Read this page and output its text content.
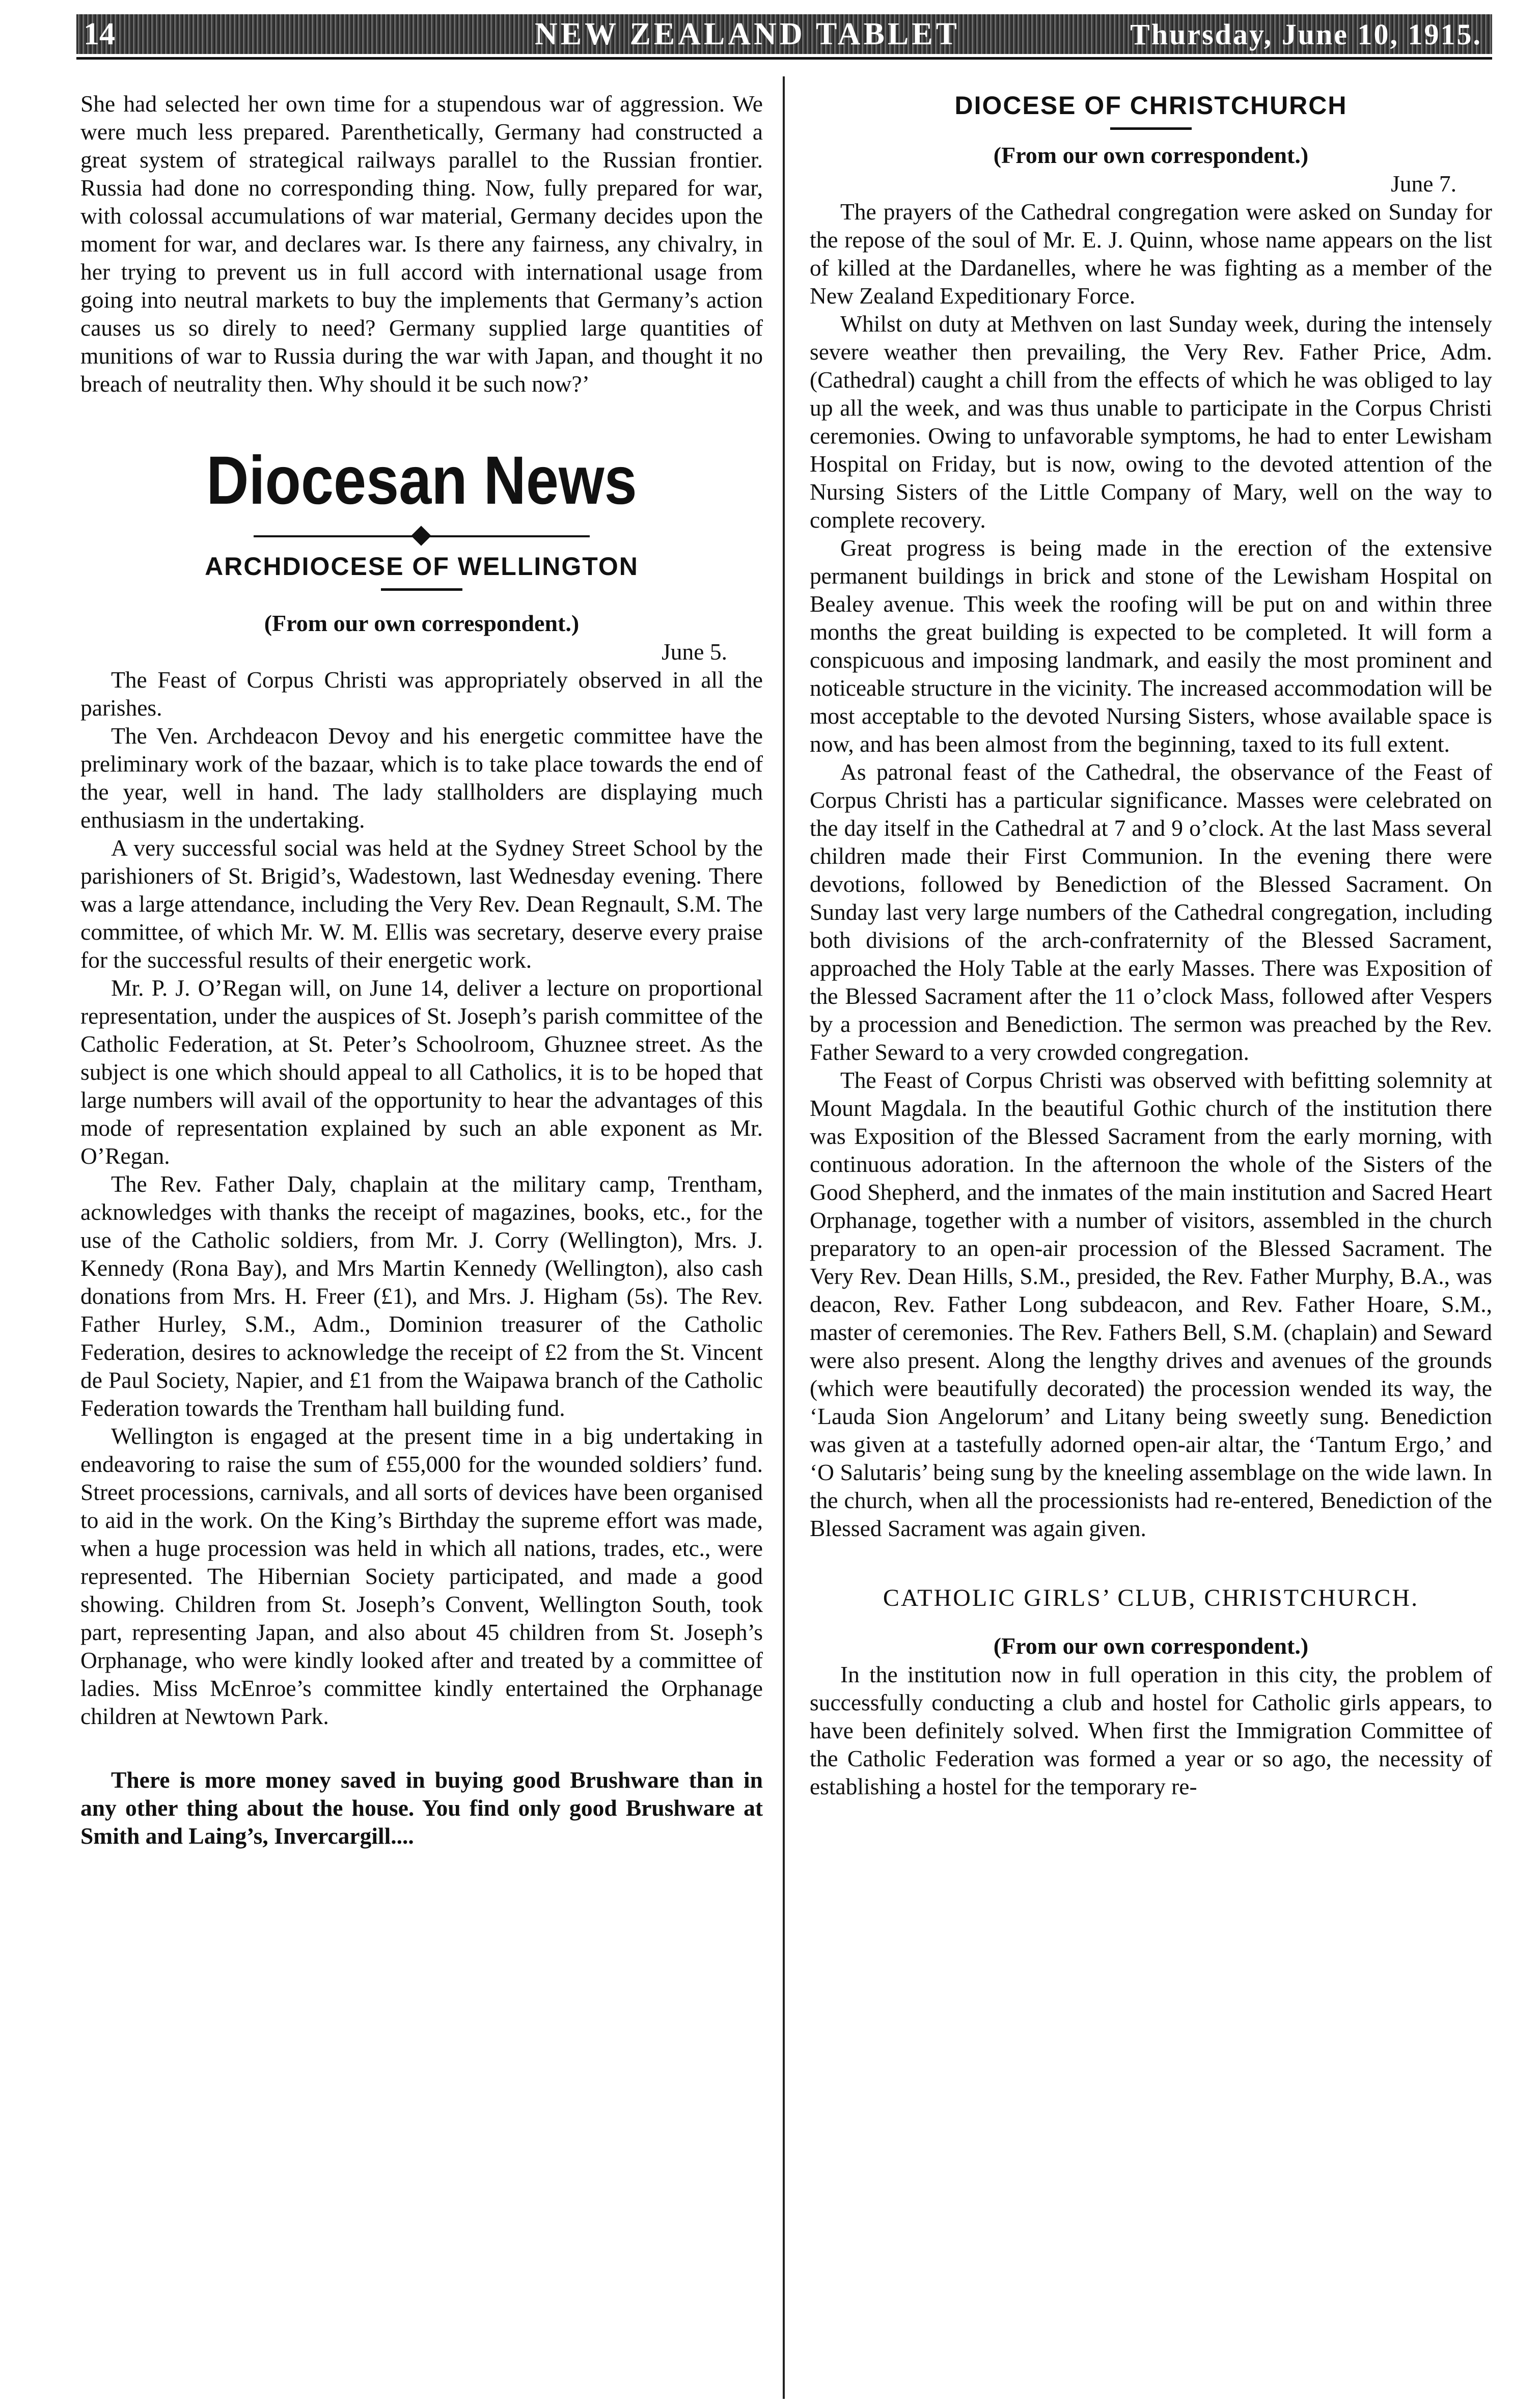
14	NEW ZEALAND TABLET	Thursday, June 10, 1915.

She had selected her own time for a stupendous war of aggression. We were much less prepared. Parenthetically, Germany had constructed a great system of strategical railways parallel to the Russian frontier. Russia had done no corresponding thing. Now, fully prepared for war, with colossal accumulations of war material, Germany decides upon the moment for war, and declares war. Is there any fairness, any chivalry, in her trying to prevent us in full accord with international usage from going into neutral markets to buy the implements that Germany’s action causes us so direly to need? Germany supplied large quantities of munitions of war to Russia during the war with Japan, and thought it no breach of neutrality then. Why should it be such now?’

Diocesan News
ARCHDIOCESE OF WELLINGTON
(From our own correspondent.)
June 5.

The Feast of Corpus Christi was appropriately observed in all the parishes.

The Ven. Archdeacon Devoy and his energetic committee have the preliminary work of the bazaar, which is to take place towards the end of the year, well in hand. The lady stallholders are displaying much enthusiasm in the undertaking.

A very successful social was held at the Sydney Street School by the parishioners of St. Brigid’s, Wadestown, last Wednesday evening. There was a large attendance, including the Very Rev. Dean Regnault, S.M. The committee, of which Mr. W. M. Ellis was secretary, deserve every praise for the successful results of their energetic work.

Mr. P. J. O’Regan will, on June 14, deliver a lecture on proportional representation, under the auspices of St. Joseph’s parish committee of the Catholic Federation, at St. Peter’s Schoolroom, Ghuznee street. As the subject is one which should appeal to all Catholics, it is to be hoped that large numbers will avail of the opportunity to hear the advantages of this mode of representation explained by such an able exponent as Mr. O’Regan.

The Rev. Father Daly, chaplain at the military camp, Trentham, acknowledges with thanks the receipt of magazines, books, etc., for the use of the Catholic soldiers, from Mr. J. Corry (Wellington), Mrs. J. Kennedy (Rona Bay), and Mrs Martin Kennedy (Wellington), also cash donations from Mrs. H. Freer (£1), and Mrs. J. Higham (5s). The Rev. Father Hurley, S.M., Adm., Dominion treasurer of the Catholic Federation, desires to acknowledge the receipt of £2 from the St. Vincent de Paul Society, Napier, and £1 from the Waipawa branch of the Catholic Federation towards the Trentham hall building fund.

Wellington is engaged at the present time in a big undertaking in endeavoring to raise the sum of £55,000 for the wounded soldiers’ fund. Street processions, carnivals, and all sorts of devices have been organised to aid in the work. On the King’s Birthday the supreme effort was made, when a huge procession was held in which all nations, trades, etc., were represented. The Hibernian Society participated, and made a good showing. Children from St. Joseph’s Convent, Wellington South, took part, representing Japan, and also about 45 children from St. Joseph’s Orphanage, who were kindly looked after and treated by a committee of ladies. Miss McEnroe’s committee kindly entertained the Orphanage children at Newtown Park.

There is more money saved in buying good Brushware than in any other thing about the house. You find only good Brushware at Smith and Laing’s, Invercargill....

DIOCESE OF CHRISTCHURCH
(From our own correspondent.)
June 7.

The prayers of the Cathedral congregation were asked on Sunday for the repose of the soul of Mr. E. J. Quinn, whose name appears on the list of killed at the Dardanelles, where he was fighting as a member of the New Zealand Expeditionary Force.

Whilst on duty at Methven on last Sunday week, during the intensely severe weather then prevailing, the Very Rev. Father Price, Adm. (Cathedral) caught a chill from the effects of which he was obliged to lay up all the week, and was thus unable to participate in the Corpus Christi ceremonies. Owing to unfavorable symptoms, he had to enter Lewisham Hospital on Friday, but is now, owing to the devoted attention of the Nursing Sisters of the Little Company of Mary, well on the way to complete recovery.

Great progress is being made in the erection of the extensive permanent buildings in brick and stone of the Lewisham Hospital on Bealey avenue. This week the roofing will be put on and within three months the great building is expected to be completed. It will form a conspicuous and imposing landmark, and easily the most prominent and noticeable structure in the vicinity. The increased accommodation will be most acceptable to the devoted Nursing Sisters, whose available space is now, and has been almost from the beginning, taxed to its full extent.

As patronal feast of the Cathedral, the observance of the Feast of Corpus Christi has a particular significance. Masses were celebrated on the day itself in the Cathedral at 7 and 9 o’clock. At the last Mass several children made their First Communion. In the evening there were devotions, followed by Benediction of the Blessed Sacrament. On Sunday last very large numbers of the Cathedral congregation, including both divisions of the arch-confraternity of the Blessed Sacrament, approached the Holy Table at the early Masses. There was Exposition of the Blessed Sacrament after the 11 o’clock Mass, followed after Vespers by a procession and Benediction. The sermon was preached by the Rev. Father Seward to a very crowded congregation.

The Feast of Corpus Christi was observed with befitting solemnity at Mount Magdala. In the beautiful Gothic church of the institution there was Exposition of the Blessed Sacrament from the early morning, with continuous adoration. In the afternoon the whole of the Sisters of the Good Shepherd, and the inmates of the main institution and Sacred Heart Orphanage, together with a number of visitors, assembled in the church preparatory to an open-air procession of the Blessed Sacrament. The Very Rev. Dean Hills, S.M., presided, the Rev. Father Murphy, B.A., was deacon, Rev. Father Long subdeacon, and Rev. Father Hoare, S.M., master of ceremonies. The Rev. Fathers Bell, S.M. (chaplain) and Seward were also present. Along the lengthy drives and avenues of the grounds (which were beautifully decorated) the procession wended its way, the ‘Lauda Sion Angelorum’ and Litany being sweetly sung. Benediction was given at a tastefully adorned open-air altar, the ‘Tantum Ergo,’ and ‘O Salutaris’ being sung by the kneeling assemblage on the wide lawn. In the church, when all the processionists had re-entered, Benediction of the Blessed Sacrament was again given.

CATHOLIC GIRLS’ CLUB, CHRISTCHURCH.
(From our own correspondent.)

In the institution now in full operation in this city, the problem of successfully conducting a club and hostel for Catholic girls appears, to have been definitely solved. When first the Immigration Committee of the Catholic Federation was formed a year or so ago, the necessity of establishing a hostel for the temporary re-
